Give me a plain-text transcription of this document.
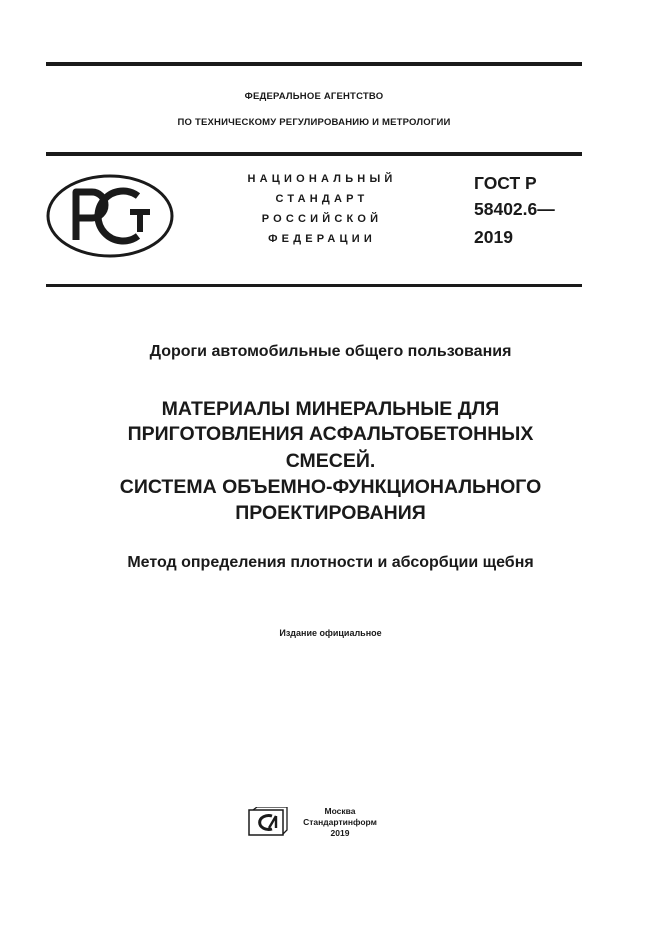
ФЕДЕРАЛЬНОЕ АГЕНТСТВО
ПО ТЕХНИЧЕСКОМУ РЕГУЛИРОВАНИЮ И МЕТРОЛОГИИ
НАЦИОНАЛЬНЫЙ
СТАНДАРТ
РОССИЙСКОЙ
ФЕДЕРАЦИИ
ГОСТ Р
58402.6—
2019
Дороги автомобильные общего пользования
МАТЕРИАЛЫ МИНЕРАЛЬНЫЕ ДЛЯ
ПРИГОТОВЛЕНИЯ АСФАЛЬТОБЕТОННЫХ
СМЕСЕЙ.
СИСТЕМА ОБЪЕМНО-ФУНКЦИОНАЛЬНОГО
ПРОЕКТИРОВАНИЯ
Метод определения плотности и абсорбции щебня
Издание официальное
Москва
Стандартинформ
2019
